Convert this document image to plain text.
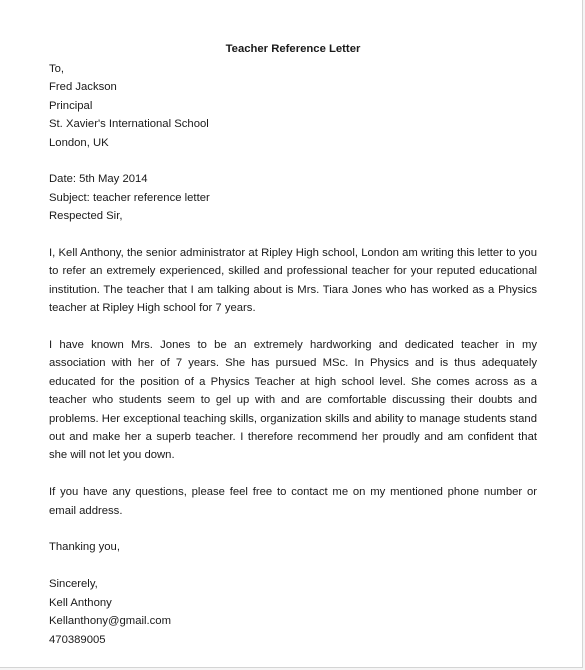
Teacher Reference Letter

To,

Fred Jackson

Principal

St. Xavier's International School

London, UK

Date: 5th May 2014

Subject: teacher reference letter

Respected Sir,

I, Kell Anthony, the senior administrator at Ripley High school, London am writing this letter to you to refer an extremely experienced, skilled and professional teacher for your reputed educational institution. The teacher that I am talking about is Mrs. Tiara Jones who has worked as a Physics teacher at Ripley High school for 7 years.

I have known Mrs. Jones to be an extremely hardworking and dedicated teacher in my association with her of 7 years. She has pursued MSc. In Physics and is thus adequately educated for the position of a Physics Teacher at high school level. She comes across as a teacher who students seem to gel up with and are comfortable discussing their doubts and problems. Her exceptional teaching skills, organization skills and ability to manage students stand out and make her a superb teacher. I therefore recommend her proudly and am confident that she will not let you down.

If you have any questions, please feel free to contact me on my mentioned phone number or email address.

Thanking you,

Sincerely,

Kell Anthony

Kellanthony@gmail.com

470389005
